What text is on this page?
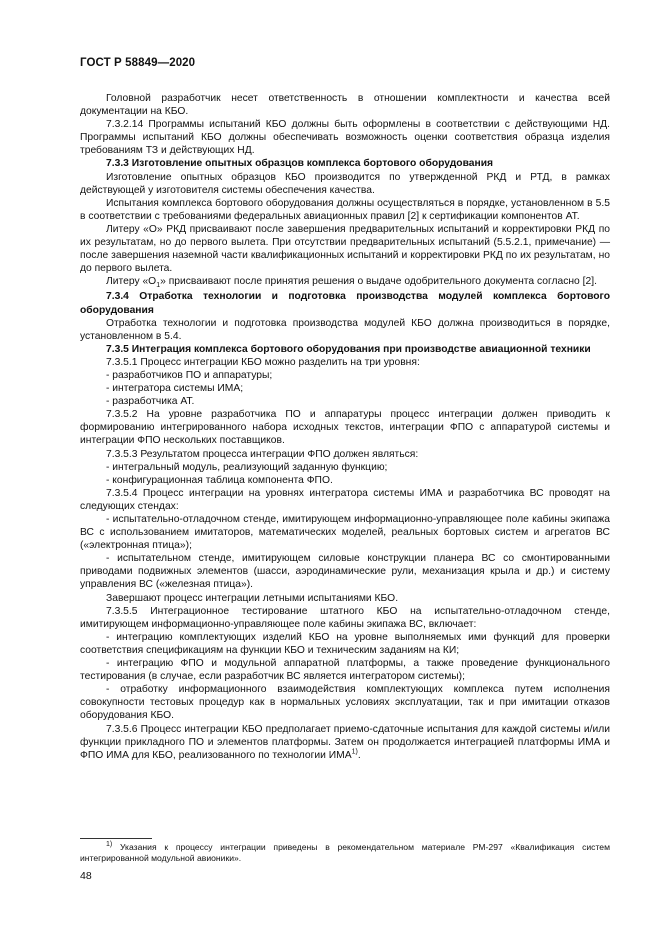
ГОСТ Р 58849—2020

Головной разработчик несет ответственность в отношении комплектности и качества всей документации на КБО.

7.3.2.14 Программы испытаний КБО должны быть оформлены в соответствии с действующими НД. Программы испытаний КБО должны обеспечивать возможность оценки соответствия образца изделия требованиям ТЗ и действующих НД.

7.3.3 Изготовление опытных образцов комплекса бортового оборудования

Изготовление опытных образцов КБО производится по утвержденной РКД и РТД, в рамках действующей у изготовителя системы обеспечения качества.

Испытания комплекса бортового оборудования должны осуществляться в порядке, установленном в 5.5 в соответствии с требованиями федеральных авиационных правил [2] к сертификации компонентов АТ.

Литеру «О» РКД присваивают после завершения предварительных испытаний и корректировки РКД по их результатам, но до первого вылета. При отсутствии предварительных испытаний (5.5.2.1, примечание) — после завершения наземной части квалификационных испытаний и корректировки РКД по их результатам, но до первого вылета.

Литеру «$О_1$» присваивают после принятия решения о выдаче одобрительного документа согласно [2].

7.3.4 Отработка технологии и подготовка производства модулей комплекса бортового оборудования

Отработка технологии и подготовка производства модулей КБО должна производиться в порядке, установленном в 5.4.

7.3.5 Интеграция комплекса бортового оборудования при производстве авиационной техники

7.3.5.1 Процесс интеграции КБО можно разделить на три уровня:

- разработчиков ПО и аппаратуры;

- интегратора системы ИМА;

- разработчика АТ.

7.3.5.2 На уровне разработчика ПО и аппаратуры процесс интеграции должен приводить к формированию интегрированного набора исходных текстов, интеграции ФПО с аппаратурой системы и интеграции ФПО нескольких поставщиков.

7.3.5.3 Результатом процесса интеграции ФПО должен являться:

- интегральный модуль, реализующий заданную функцию;

- конфигурационная таблица компонента ФПО.

7.3.5.4 Процесс интеграции на уровнях интегратора системы ИМА и разработчика ВС проводят на следующих стендах:

- испытательно-отладочном стенде, имитирующем информационно-управляющее поле кабины экипажа ВС с использованием имитаторов, математических моделей, реальных бортовых систем и агрегатов ВС («электронная птица»);

- испытательном стенде, имитирующем силовые конструкции планера ВС со смонтированными приводами подвижных элементов (шасси, аэродинамические рули, механизация крыла и др.) и систему управления ВС («железная птица»).

Завершают процесс интеграции летными испытаниями КБО.

7.3.5.5 Интеграционное тестирование штатного КБО на испытательно-отладочном стенде, имитирующем информационно-управляющее поле кабины экипажа ВС, включает:

- интеграцию комплектующих изделий КБО на уровне выполняемых ими функций для проверки соответствия спецификациям на функции КБО и техническим заданиям на КИ;

- интеграцию ФПО и модульной аппаратной платформы, а также проведение функционального тестирования (в случае, если разработчик ВС является интегратором системы);

- отработку информационного взаимодействия комплектующих комплекса путем исполнения совокупности тестовых процедур как в нормальных условиях эксплуатации, так и при имитации отказов оборудования КБО.

7.3.5.6 Процесс интеграции КБО предполагает приемо-сдаточные испытания для каждой системы и/или функции прикладного ПО и элементов платформы. Затем он продолжается интеграцией платформы ИМА и ФПО ИМА для КБО, реализованного по технологии ИМА$^{1)}$.

$^{1)}$ Указания к процессу интеграции приведены в рекомендательном материале РМ-297 «Квалификация систем интегрированной модульной авионики».
48
